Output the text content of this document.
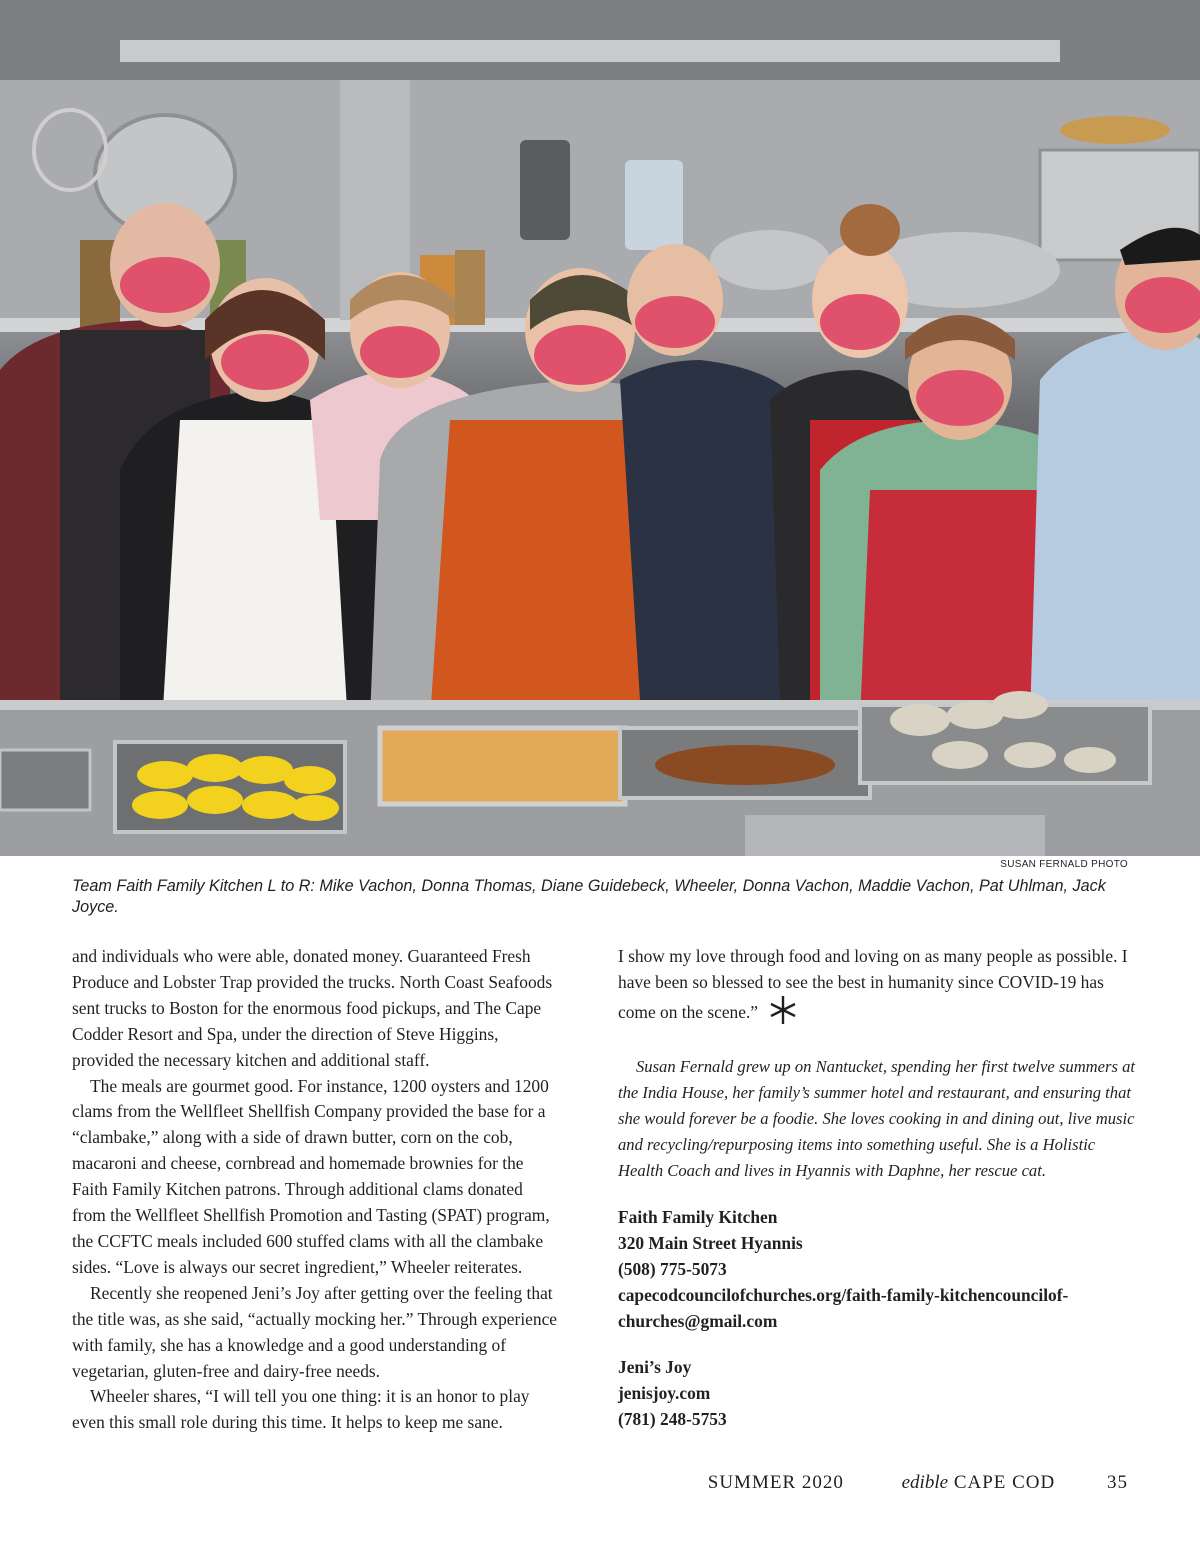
SUSAN FERNALD PHOTO
Team Faith Family Kitchen L to R: Mike Vachon, Donna Thomas, Diane Guidebeck, Wheeler, Donna Vachon, Maddie Vachon, Pat Uhlman, Jack Joyce.

and individuals who were able, donated money. Guaranteed Fresh Produce and Lobster Trap provided the trucks. North Coast Seafoods sent trucks to Boston for the enormous food pickups, and The Cape Codder Resort and Spa, under the direction of Steve Higgins, provided the necessary kitchen and additional staff.

The meals are gourmet good. For instance, 1200 oysters and 1200 clams from the Wellfleet Shellfish Company provided the base for a “clambake,” along with a side of drawn butter, corn on the cob, macaroni and cheese, cornbread and homemade brownies for the Faith Family Kitchen patrons. Through additional clams donated from the Wellfleet Shellfish Promotion and Tasting (SPAT) program, the CCFTC meals included 600 stuffed clams with all the clambake sides. “Love is always our secret ingredient,” Wheeler reiterates.

Recently she reopened Jeni’s Joy after getting over the feeling that the title was, as she said, “actually mocking her.” Through experience with family, she has a knowledge and a good understanding of vegetarian, gluten-free and dairy-free needs.

Wheeler shares, “I will tell you one thing: it is an honor to play even this small role during this time. It helps to keep me sane.

I show my love through food and loving on as many people as possible. I have been so blessed to see the best in humanity since COVID-19 has come on the scene.”

Susan Fernald grew up on Nantucket, spending her first twelve summers at the India House, her family’s summer hotel and restaurant, and ensuring that she would forever be a foodie. She loves cooking in and dining out, live music and recycling/repurposing items into something useful. She is a Holistic Health Coach and lives in Hyannis with Daphne, her rescue cat.

Faith Family Kitchen
320 Main Street Hyannis
(508) 775-5073
capecodcouncilofchurches.org/faith-family-kitchencouncilof-churches@gmail.com
Jeni’s Joy
jenisjoy.com
(781) 248-5753
SUMMER 2020	edible CAPE COD	35
